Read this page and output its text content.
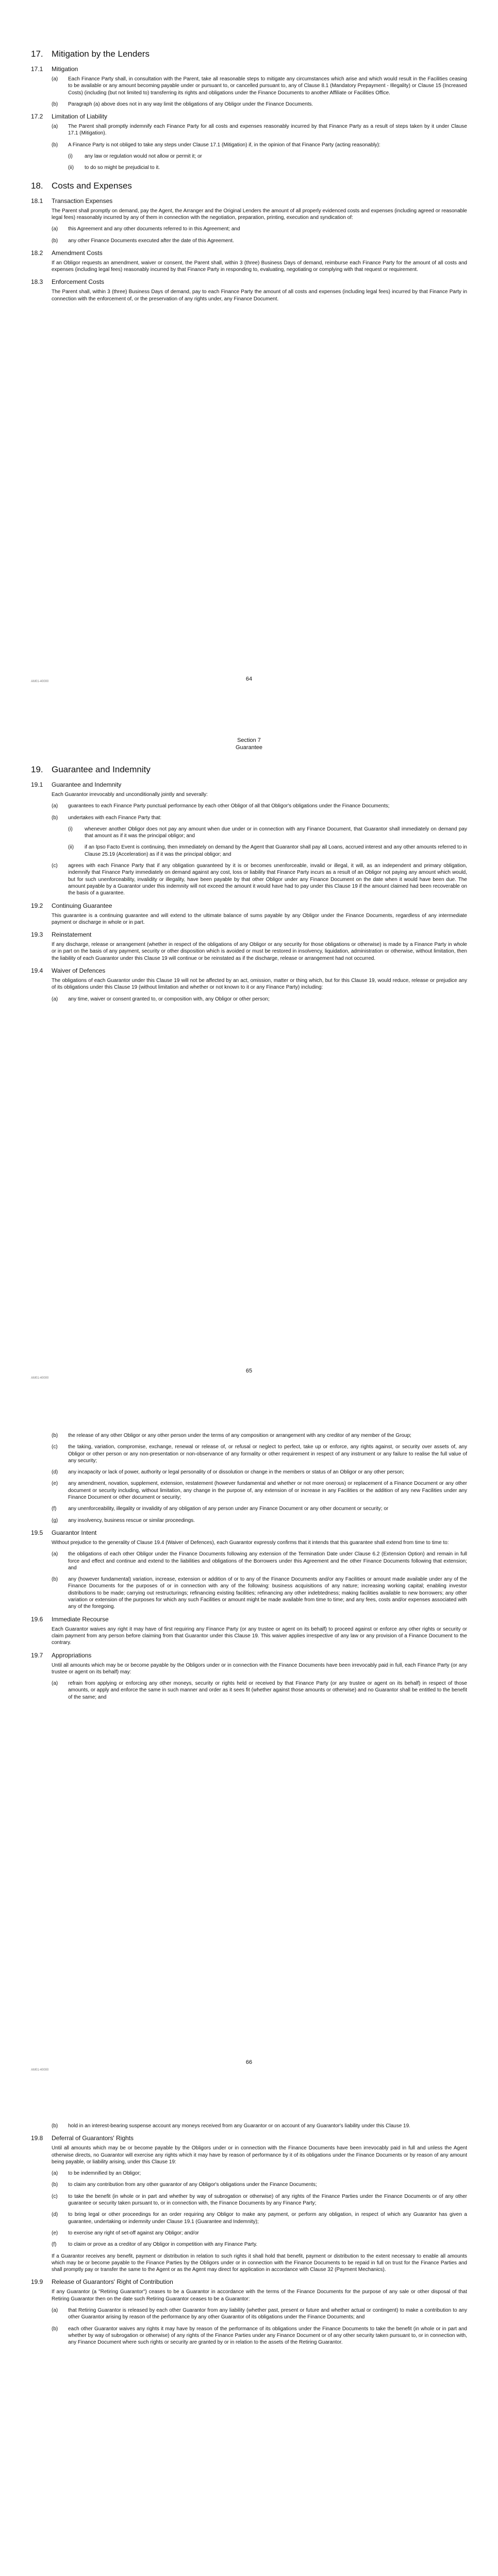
17. Mitigation by the Lenders
17.1	Mitigation
(a)	Each Finance Party shall, in consultation with the Parent, take all reasonable steps to mitigate any circumstances which arise and which would result in the Facilities ceasing to be available or any amount becoming payable under or pursuant to, or cancelled pursuant to, any of Clause 8.1 (Mandatory Prepayment - Illegality) or Clause 15 (Increased Costs) (including (but not limited to) transferring its rights and obligations under the Finance Documents to another Affiliate or Facilities Office.
(b)	Paragraph (a) above does not in any way limit the obligations of any Obligor under the Finance Documents.
17.2	Limitation of Liability
(a)	The Parent shall promptly indemnify each Finance Party for all costs and expenses reasonably incurred by that Finance Party as a result of steps taken by it under Clause 17.1 (Mitigation).
(b)	A Finance Party is not obliged to take any steps under Clause 17.1 (Mitigation) if, in the opinion of that Finance Party (acting reasonably):
(i)	any law or regulation would not allow or permit it; or
(ii)	to do so might be prejudicial to it.
18. Costs and Expenses
18.1	Transaction Expenses
The Parent shall promptly on demand, pay the Agent, the Arranger and the Original Lenders the amount of all properly evidenced costs and expenses (including agreed or reasonable legal fees) reasonably incurred by any of them in connection with the negotiation, preparation, printing, execution and syndication of:
(a)	this Agreement and any other documents referred to in this Agreement; and
(b)	any other Finance Documents executed after the date of this Agreement.
18.2	Amendment Costs
If an Obligor requests an amendment, waiver or consent, the Parent shall, within 3 (three) Business Days of demand, reimburse each Finance Party for the amount of all costs and expenses (including legal fees) reasonably incurred by that Finance Party in responding to, evaluating, negotiating or complying with that request or requirement.
18.3	Enforcement Costs
The Parent shall, within 3 (three) Business Days of demand, pay to each Finance Party the amount of all costs and expenses (including legal fees) incurred by that Finance Party in connection with the enforcement of, or the preservation of any rights under, any Finance Document.
AM01-40000	64
Section 7
Guarantee
19. Guarantee and Indemnity
19.1	Guarantee and Indemnity
Each Guarantor irrevocably and unconditionally jointly and severally:
(a)	guarantees to each Finance Party punctual performance by each other Obligor of all that Obligor's obligations under the Finance Documents;
(b)	undertakes with each Finance Party that:
(i)	whenever another Obligor does not pay any amount when due under or in connection with any Finance Document, that Guarantor shall immediately on demand pay that amount as if it was the principal obligor; and
(ii)	if an Ipso Facto Event is continuing, then immediately on demand by the Agent that Guarantor shall pay all Loans, accrued interest and any other amounts referred to in Clause 25.19 (Acceleration) as if it was the principal obligor; and
(c)	agrees with each Finance Party that if any obligation guaranteed by it is or becomes unenforceable, invalid or illegal, it will, as an independent and primary obligation, indemnify that Finance Party immediately on demand against any cost, loss or liability that Finance Party incurs as a result of an Obligor not paying any amount which would, but for such unenforceability, invalidity or illegality, have been payable by that other Obligor under any Finance Document on the date when it would have been due. The amount payable by a Guarantor under this indemnity will not exceed the amount it would have had to pay under this Clause 19 if the amount claimed had been recoverable on the basis of a guarantee.
19.2	Continuing Guarantee
This guarantee is a continuing guarantee and will extend to the ultimate balance of sums payable by any Obligor under the Finance Documents, regardless of any intermediate payment or discharge in whole or in part.
19.3	Reinstatement
If any discharge, release or arrangement (whether in respect of the obligations of any Obligor or any security for those obligations or otherwise) is made by a Finance Party in whole or in part on the basis of any payment, security or other disposition which is avoided or must be restored in insolvency, liquidation, administration or otherwise, without limitation, then the liability of each Guarantor under this Clause 19 will continue or be reinstated as if the discharge, release or arrangement had not occurred.
19.4	Waiver of Defences
The obligations of each Guarantor under this Clause 19 will not be affected by an act, omission, matter or thing which, but for this Clause 19, would reduce, release or prejudice any of its obligations under this Clause 19 (without limitation and whether or not known to it or any Finance Party) including:
(a)	any time, waiver or consent granted to, or composition with, any Obligor or other person;
AM01-40000
65
(b)	the release of any other Obligor or any other person under the terms of any composition or arrangement with any creditor of any member of the Group;
(c)	the taking, variation, compromise, exchange, renewal or release of, or refusal or neglect to perfect, take up or enforce, any rights against, or security over assets of, any Obligor or other person or any non-presentation or non-observance of any formality or other requirement in respect of any instrument or any failure to realise the full value of any security;
(d)	any incapacity or lack of power, authority or legal personality of or dissolution or change in the members or status of an Obligor or any other person;
(e)	any amendment, novation, supplement, extension, restatement (however fundamental and whether or not more onerous) or replacement of a Finance Document or any other document or security including, without limitation, any change in the purpose of, any extension of or increase in any Facilities or the addition of any new Facilities under any Finance Document or other document or security;
(f)	any unenforceability, illegality or invalidity of any obligation of any person under any Finance Document or any other document or security; or
(g)	any insolvency, business rescue or similar proceedings.
19.5	Guarantor Intent
Without prejudice to the generality of Clause 19.4 (Waiver of Defences), each Guarantor expressly confirms that it intends that this guarantee shall extend from time to time to:
(a)	the obligations of each other Obligor under the Finance Documents following any extension of the Termination Date under Clause 6.2 (Extension Option) and remain in full force and effect and continue and extend to the liabilities and obligations of the Borrowers under this Agreement and the other Finance Documents following that extension; and
(b)	any (however fundamental) variation, increase, extension or addition of or to any of the Finance Documents and/or any Facilities or amount made available under any of the Finance Documents for the purposes of or in connection with any of the following: business acquisitions of any nature; increasing working capital; enabling investor distributions to be made; carrying out restructurings; refinancing existing facilities; refinancing any other indebtedness; making facilities available to new borrowers; any other variation or extension of the purposes for which any such Facilities or amount might be made available from time to time; and any fees, costs and/or expenses associated with any of the foregoing.
19.6	Immediate Recourse
Each Guarantor waives any right it may have of first requiring any Finance Party (or any trustee or agent on its behalf) to proceed against or enforce any other rights or security or claim payment from any person before claiming from that Guarantor under this Clause 19. This waiver applies irrespective of any law or any provision of a Finance Document to the contrary.
19.7	Appropriations
Until all amounts which may be or become payable by the Obligors under or in connection with the Finance Documents have been irrevocably paid in full, each Finance Party (or any trustee or agent on its behalf) may:
(a)	refrain from applying or enforcing any other moneys, security or rights held or received by that Finance Party (or any trustee or agent on its behalf) in respect of those amounts, or apply and enforce the same in such manner and order as it sees fit (whether against those amounts or otherwise) and no Guarantor shall be entitled to the benefit of the same; and
AM01-40000
66
(b)	hold in an interest-bearing suspense account any moneys received from any Guarantor or on account of any Guarantor's liability under this Clause 19.
19.8	Deferral of Guarantors' Rights
Until all amounts which may be or become payable by the Obligors under or in connection with the Finance Documents have been irrevocably paid in full and unless the Agent otherwise directs, no Guarantor will exercise any rights which it may have by reason of performance by it of its obligations under the Finance Documents or by reason of any amount being payable, or liability arising, under this Clause 19:
(a)	to be indemnified by an Obligor;
(b)	to claim any contribution from any other guarantor of any Obligor's obligations under the Finance Documents;
(c)	to take the benefit (in whole or in part and whether by way of subrogation or otherwise) of any rights of the Finance Parties under the Finance Documents or of any other guarantee or security taken pursuant to, or in connection with, the Finance Documents by any Finance Party;
(d)	to bring legal or other proceedings for an order requiring any Obligor to make any payment, or perform any obligation, in respect of which any Guarantor has given a guarantee, undertaking or indemnity under Clause 19.1 (Guarantee and Indemnity);
(e)	to exercise any right of set-off against any Obligor; and/or
(f)	to claim or prove as a creditor of any Obligor in competition with any Finance Party.
If a Guarantor receives any benefit, payment or distribution in relation to such rights it shall hold that benefit, payment or distribution to the extent necessary to enable all amounts which may be or become payable to the Finance Parties by the Obligors under or in connection with the Finance Documents to be repaid in full on trust for the Finance Parties and shall promptly pay or transfer the same to the Agent or as the Agent may direct for application in accordance with Clause 32 (Payment Mechanics).
19.9	Release of Guarantors' Right of Contribution
If any Guarantor (a "Retiring Guarantor") ceases to be a Guarantor in accordance with the terms of the Finance Documents for the purpose of any sale or other disposal of that Retiring Guarantor then on the date such Retiring Guarantor ceases to be a Guarantor:
(a)	that Retiring Guarantor is released by each other Guarantor from any liability (whether past, present or future and whether actual or contingent) to make a contribution to any other Guarantor arising by reason of the performance by any other Guarantor of its obligations under the Finance Documents; and
(b)	each other Guarantor waives any rights it may have by reason of the performance of its obligations under the Finance Documents to take the benefit (in whole or in part and whether by way of subrogation or otherwise) of any rights of the Finance Parties under any Finance Document or of any other security taken pursuant to, or in connection with, any Finance Document where such rights or security are granted by or in relation to the assets of the Retiring Guarantor.
